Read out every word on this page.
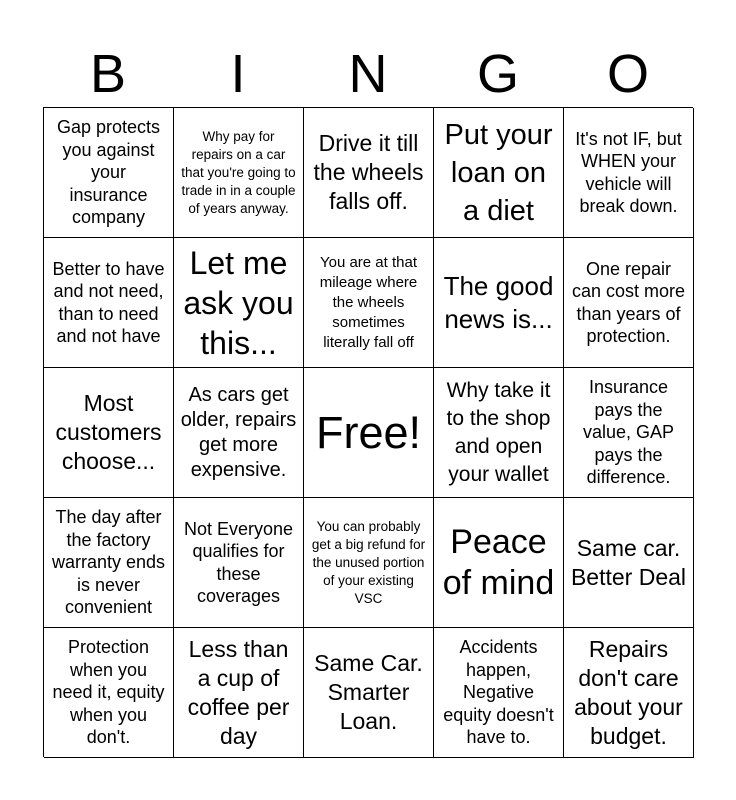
B	I	N	G	O
Gap protects you against your insurance company
Why pay for repairs on a car that you're going to trade in in a couple of years anyway.
Drive it till the wheels falls off.
Put your loan on a diet
It's not IF, but WHEN your vehicle will break down.
Better to have and not need, than to need and not have
Let me ask you this...
You are at that mileage where the wheels sometimes literally fall off
The good news is...
One repair can cost more than years of protection.
Most customers choose...
As cars get older, repairs get more expensive.
Free!
Why take it to the shop and open your wallet
Insurance pays the value, GAP pays the difference.
The day after the factory warranty ends is never convenient
Not Everyone qualifies for these coverages
You can probably get a big refund for the unused portion of your existing VSC
Peace of mind
Same car. Better Deal
Protection when you need it, equity when you don't.
Less than a cup of coffee per day
Same Car. Smarter Loan.
Accidents happen, Negative equity doesn't have to.
Repairs don't care about your budget.
